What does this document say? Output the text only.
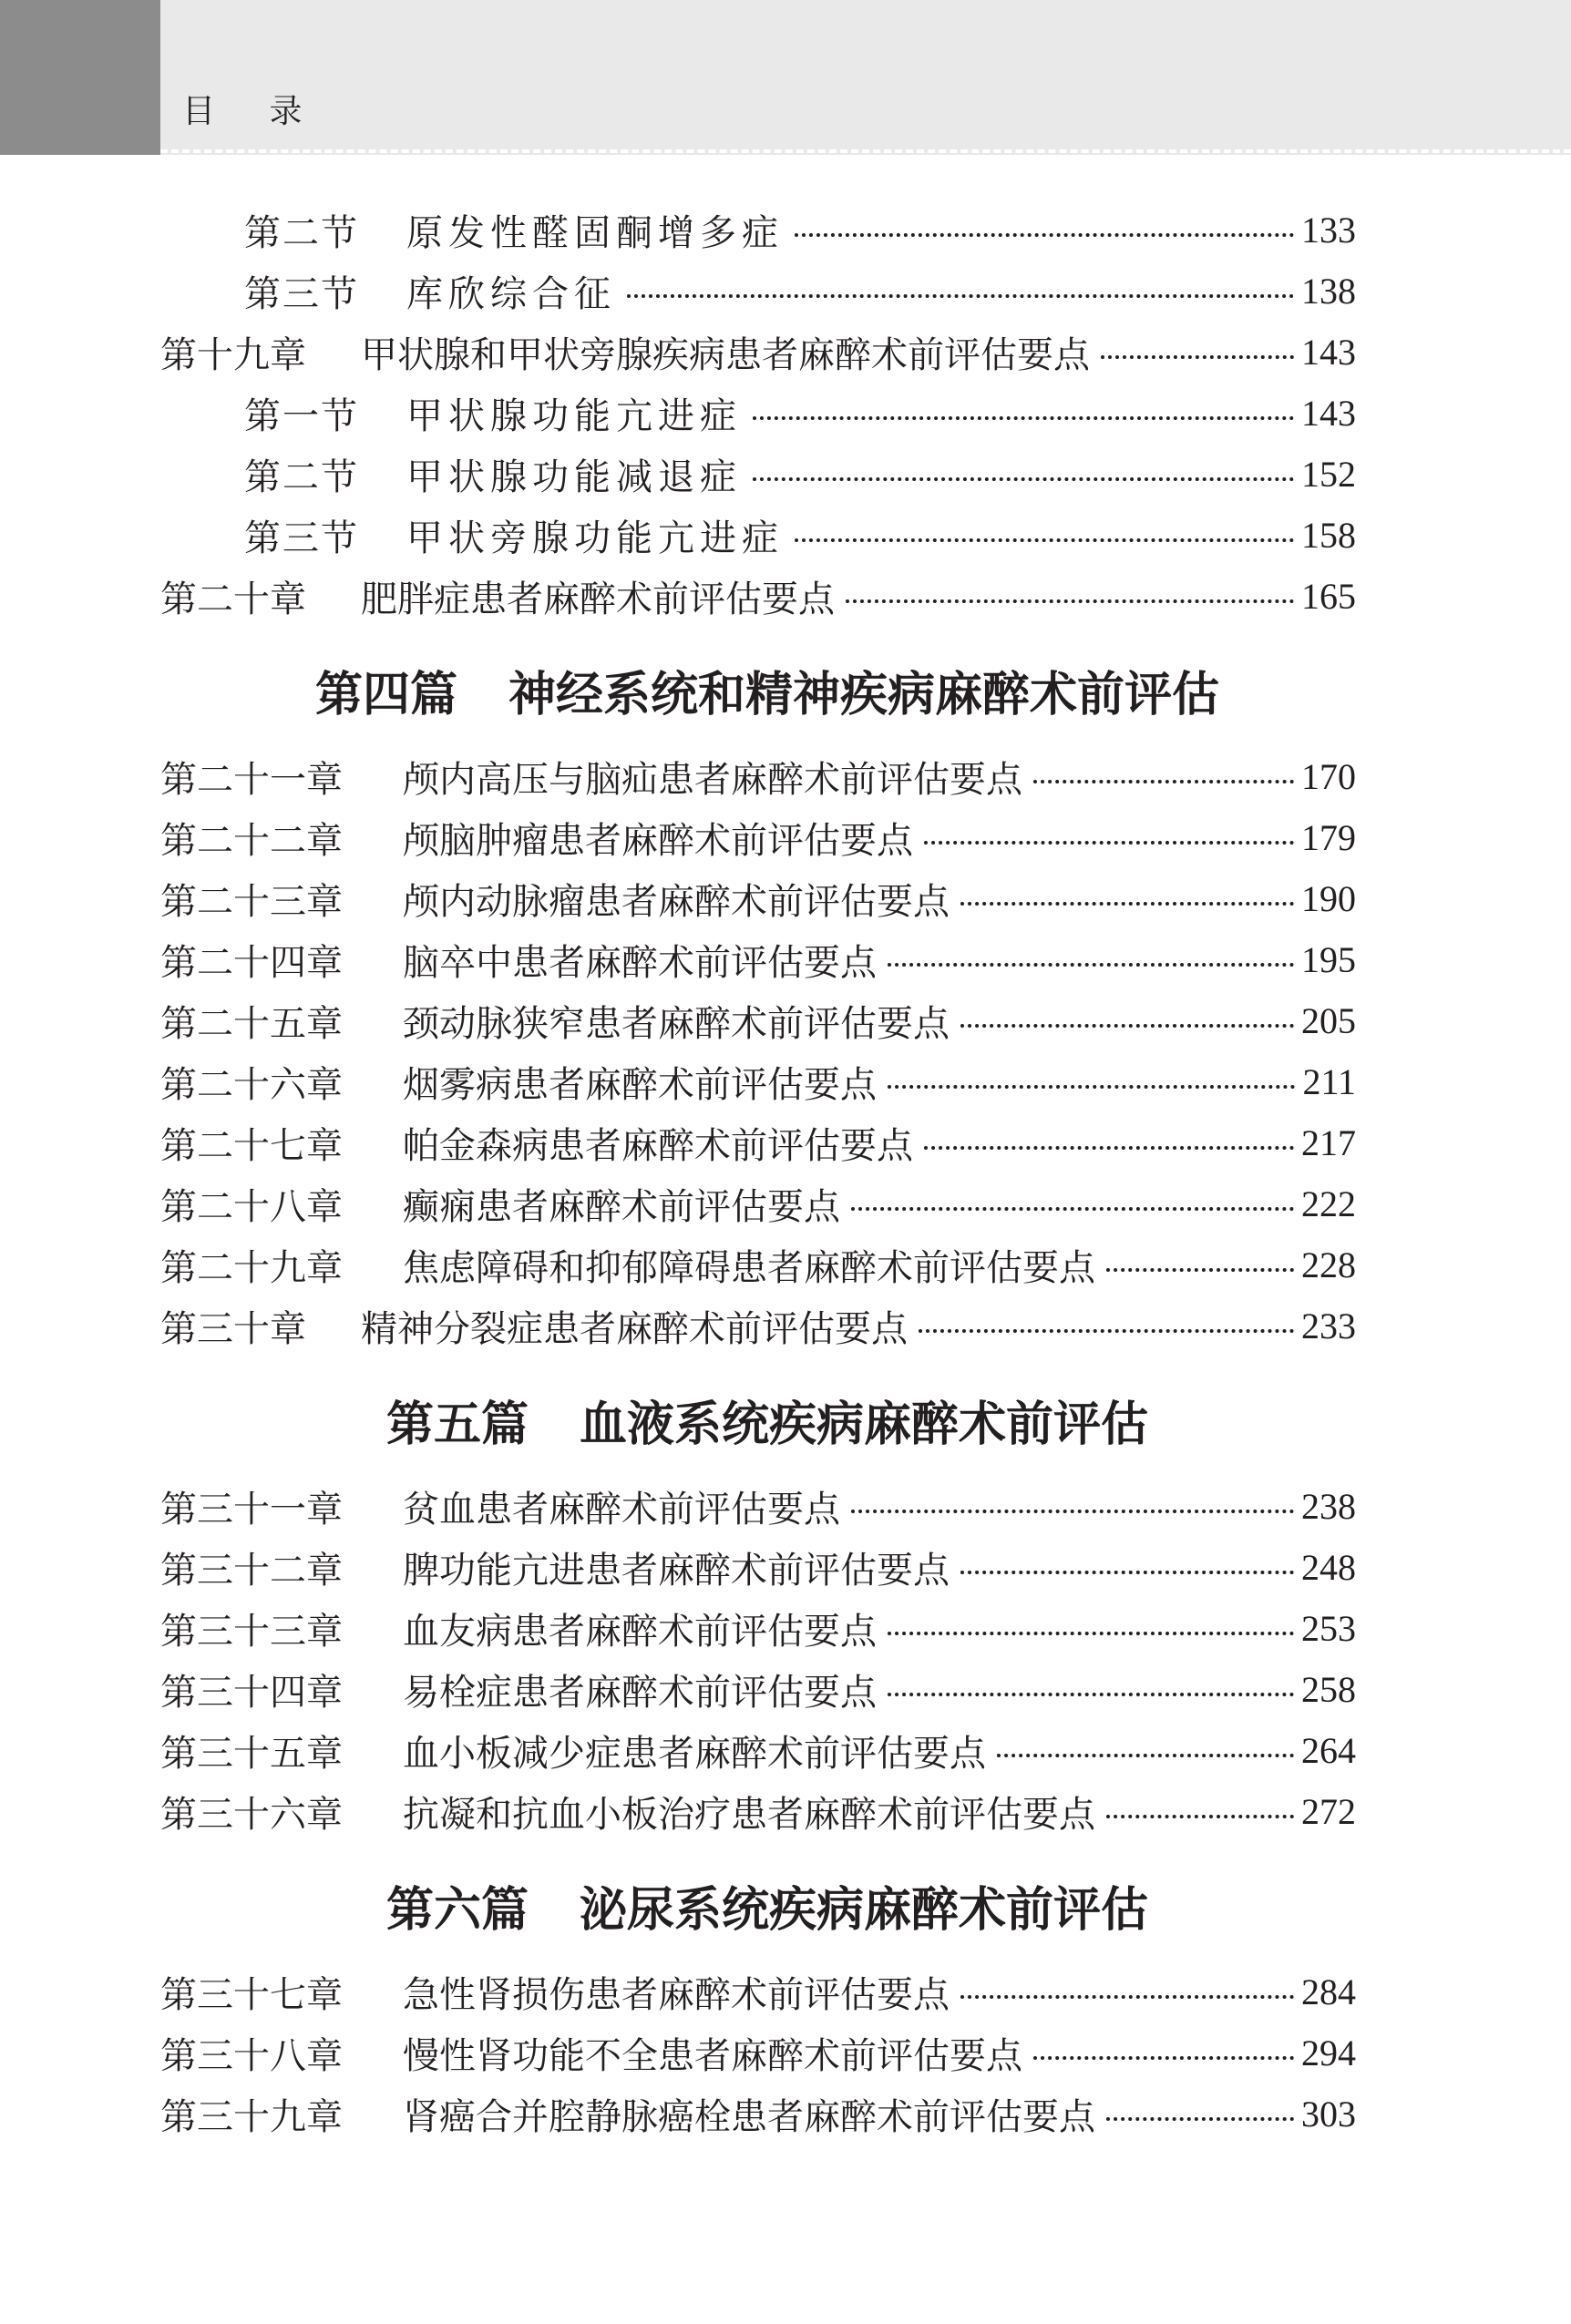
目 录
第二节	原发性醛固酮增多症	133
第三节	库欣综合征	138
第十九章	甲状腺和甲状旁腺疾病患者麻醉术前评估要点	143
第一节	甲状腺功能亢进症	143
第二节	甲状腺功能减退症	152
第三节	甲状旁腺功能亢进症	158
第二十章	肥胖症患者麻醉术前评估要点	165
第四篇 神经系统和精神疾病麻醉术前评估
第二十一章	颅内高压与脑疝患者麻醉术前评估要点	170
第二十二章	颅脑肿瘤患者麻醉术前评估要点	179
第二十三章	颅内动脉瘤患者麻醉术前评估要点	190
第二十四章	脑卒中患者麻醉术前评估要点	195
第二十五章	颈动脉狭窄患者麻醉术前评估要点	205
第二十六章	烟雾病患者麻醉术前评估要点	211
第二十七章	帕金森病患者麻醉术前评估要点	217
第二十八章	癫痫患者麻醉术前评估要点	222
第二十九章	焦虑障碍和抑郁障碍患者麻醉术前评估要点	228
第三十章	精神分裂症患者麻醉术前评估要点	233
第五篇 血液系统疾病麻醉术前评估
第三十一章	贫血患者麻醉术前评估要点	238
第三十二章	脾功能亢进患者麻醉术前评估要点	248
第三十三章	血友病患者麻醉术前评估要点	253
第三十四章	易栓症患者麻醉术前评估要点	258
第三十五章	血小板减少症患者麻醉术前评估要点	264
第三十六章	抗凝和抗血小板治疗患者麻醉术前评估要点	272
第六篇 泌尿系统疾病麻醉术前评估
第三十七章	急性肾损伤患者麻醉术前评估要点	284
第三十八章	慢性肾功能不全患者麻醉术前评估要点	294
第三十九章	肾癌合并腔静脉癌栓患者麻醉术前评估要点	303
